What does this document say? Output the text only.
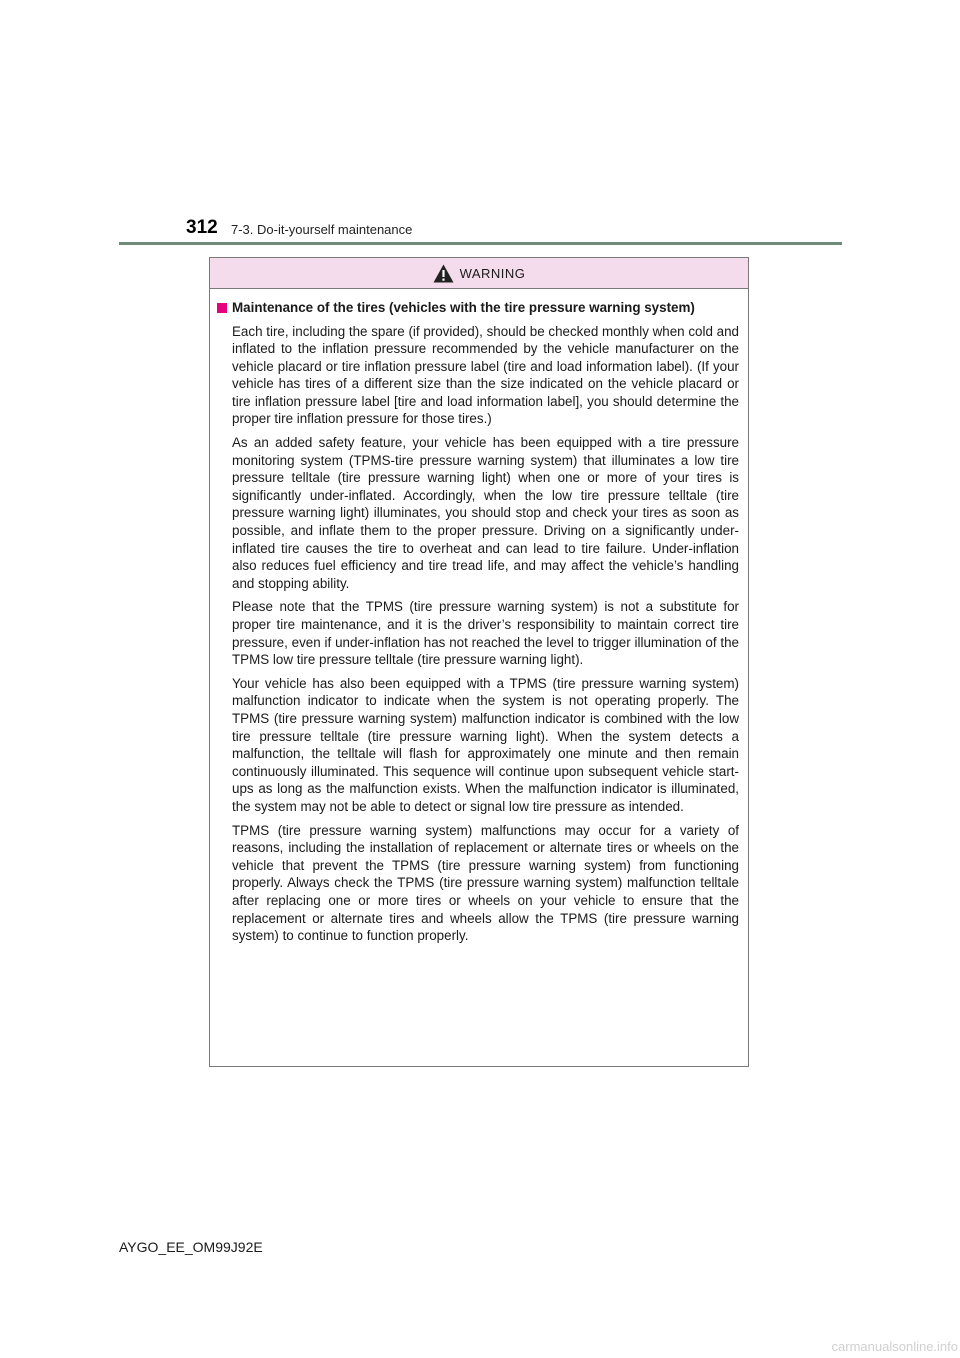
312 7-3. Do-it-yourself maintenance
WARNING
Maintenance of the tires (vehicles with the tire pressure warning system)

Each tire, including the spare (if provided), should be checked monthly when cold and inflated to the inflation pressure recommended by the vehicle manufacturer on the vehicle placard or tire inflation pressure label (tire and load information label). (If your vehicle has tires of a different size than the size indicated on the vehicle placard or tire inflation pressure label [tire and load information label], you should determine the proper tire inflation pressure for those tires.)

As an added safety feature, your vehicle has been equipped with a tire pressure monitoring system (TPMS-tire pressure warning system) that illuminates a low tire pressure telltale (tire pressure warning light) when one or more of your tires is significantly under-inflated. Accordingly, when the low tire pressure telltale (tire pressure warning light) illuminates, you should stop and check your tires as soon as possible, and inflate them to the proper pressure. Driving on a significantly under-inflated tire causes the tire to overheat and can lead to tire failure. Under-inflation also reduces fuel efficiency and tire tread life, and may affect the vehicle’s handling and stopping ability.

Please note that the TPMS (tire pressure warning system) is not a substitute for proper tire maintenance, and it is the driver’s responsibility to maintain correct tire pressure, even if under-inflation has not reached the level to trigger illumination of the TPMS low tire pressure telltale (tire pressure warning light).

Your vehicle has also been equipped with a TPMS (tire pressure warning system) malfunction indicator to indicate when the system is not operating properly. The TPMS (tire pressure warning system) malfunction indicator is combined with the low tire pressure telltale (tire pressure warning light). When the system detects a malfunction, the telltale will flash for approximately one minute and then remain continuously illuminated. This sequence will continue upon subsequent vehicle start-ups as long as the malfunction exists. When the malfunction indicator is illuminated, the system may not be able to detect or signal low tire pressure as intended.

TPMS (tire pressure warning system) malfunctions may occur for a variety of reasons, including the installation of replacement or alternate tires or wheels on the vehicle that prevent the TPMS (tire pressure warning system) from functioning properly. Always check the TPMS (tire pressure warning system) malfunction telltale after replacing one or more tires or wheels on your vehicle to ensure that the replacement or alternate tires and wheels allow the TPMS (tire pressure warning system) to continue to function properly.

AYGO_EE_OM99J92E
carmanualsonline.info
